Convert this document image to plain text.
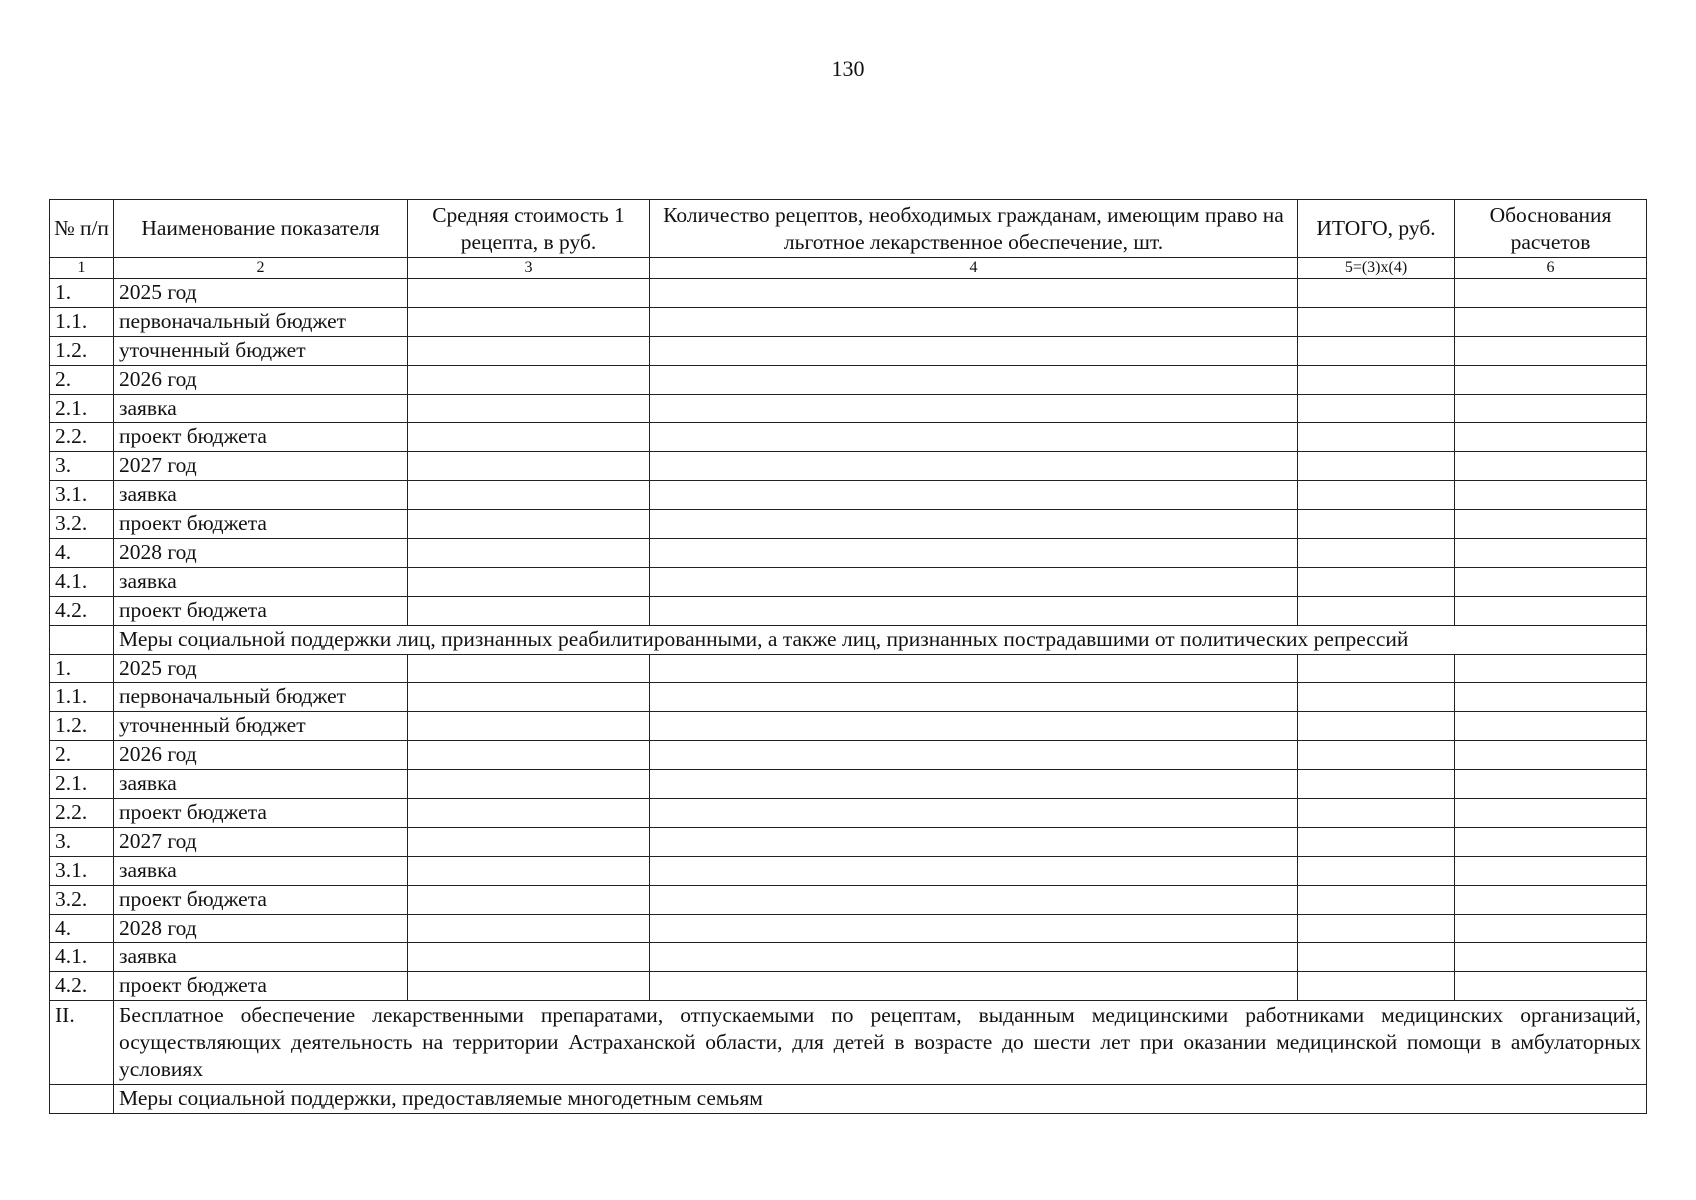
130
№ п/п	Наименование показателя	Средняя стоимость 1 рецепта, в руб.	Количество рецептов, необходимых гражданам, имеющим право на льготное лекарственное обеспечение, шт.	ИТОГО, руб.	Обоснования расчетов
1	2	3	4	5=(3)х(4)	6
1.	2025 год				
1.1.	первоначальный бюджет				
1.2.	уточненный бюджет				
2.	2026 год				
2.1.	заявка				
2.2.	проект бюджета				
3.	2027 год				
3.1.	заявка				
3.2.	проект бюджета				
4.	2028 год				
4.1.	заявка				
4.2.	проект бюджета				
	Меры социальной поддержки лиц, признанных реабилитированными, а также лиц, признанных пострадавшими от политических репрессий				
1.	2025 год				
1.1.	первоначальный бюджет				
1.2.	уточненный бюджет				
2.	2026 год				
2.1.	заявка				
2.2.	проект бюджета				
3.	2027 год				
3.1.	заявка				
3.2.	проект бюджета				
4.	2028 год				
4.1.	заявка				
4.2.	проект бюджета				
II.	Бесплатное обеспечение лекарственными препаратами, отпускаемыми по рецептам, выданным медицинскими работниками медицинских организаций, осуществляющих деятельность на территории Астраханской области, для детей в возрасте до шести лет при оказании медицинской помощи в амбулаторных условиях				
	Меры социальной поддержки, предоставляемые многодетным семьям				
